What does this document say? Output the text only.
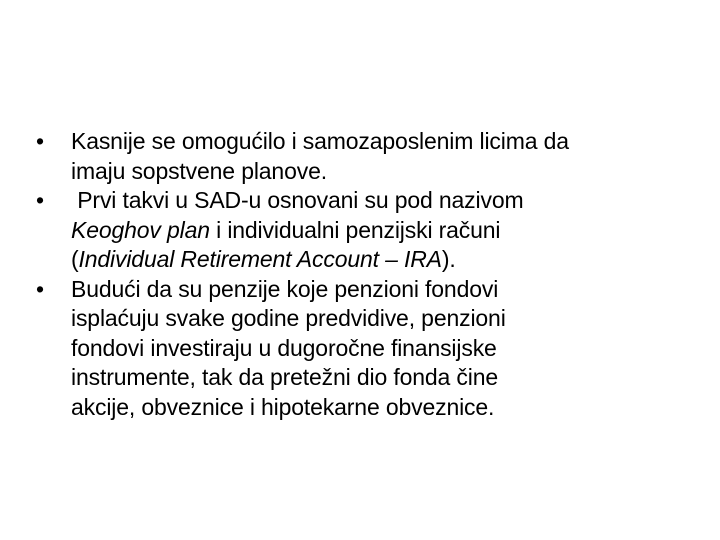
• Kasnije se omogućilo i samozaposlenim licima da
imaju sopstvene planove.
• Prvi takvi u SAD-u osnovani su pod nazivom
Keoghov plan i individualni penzijski računi
(Individual Retirement Account – IRA).
• Budući da su penzije koje penzioni fondovi
isplaćuju svake godine predvidive, penzioni
fondovi investiraju u dugoročne finansijske
instrumente, tak da pretežni dio fonda čine
akcije, obveznice i hipotekarne obveznice.
